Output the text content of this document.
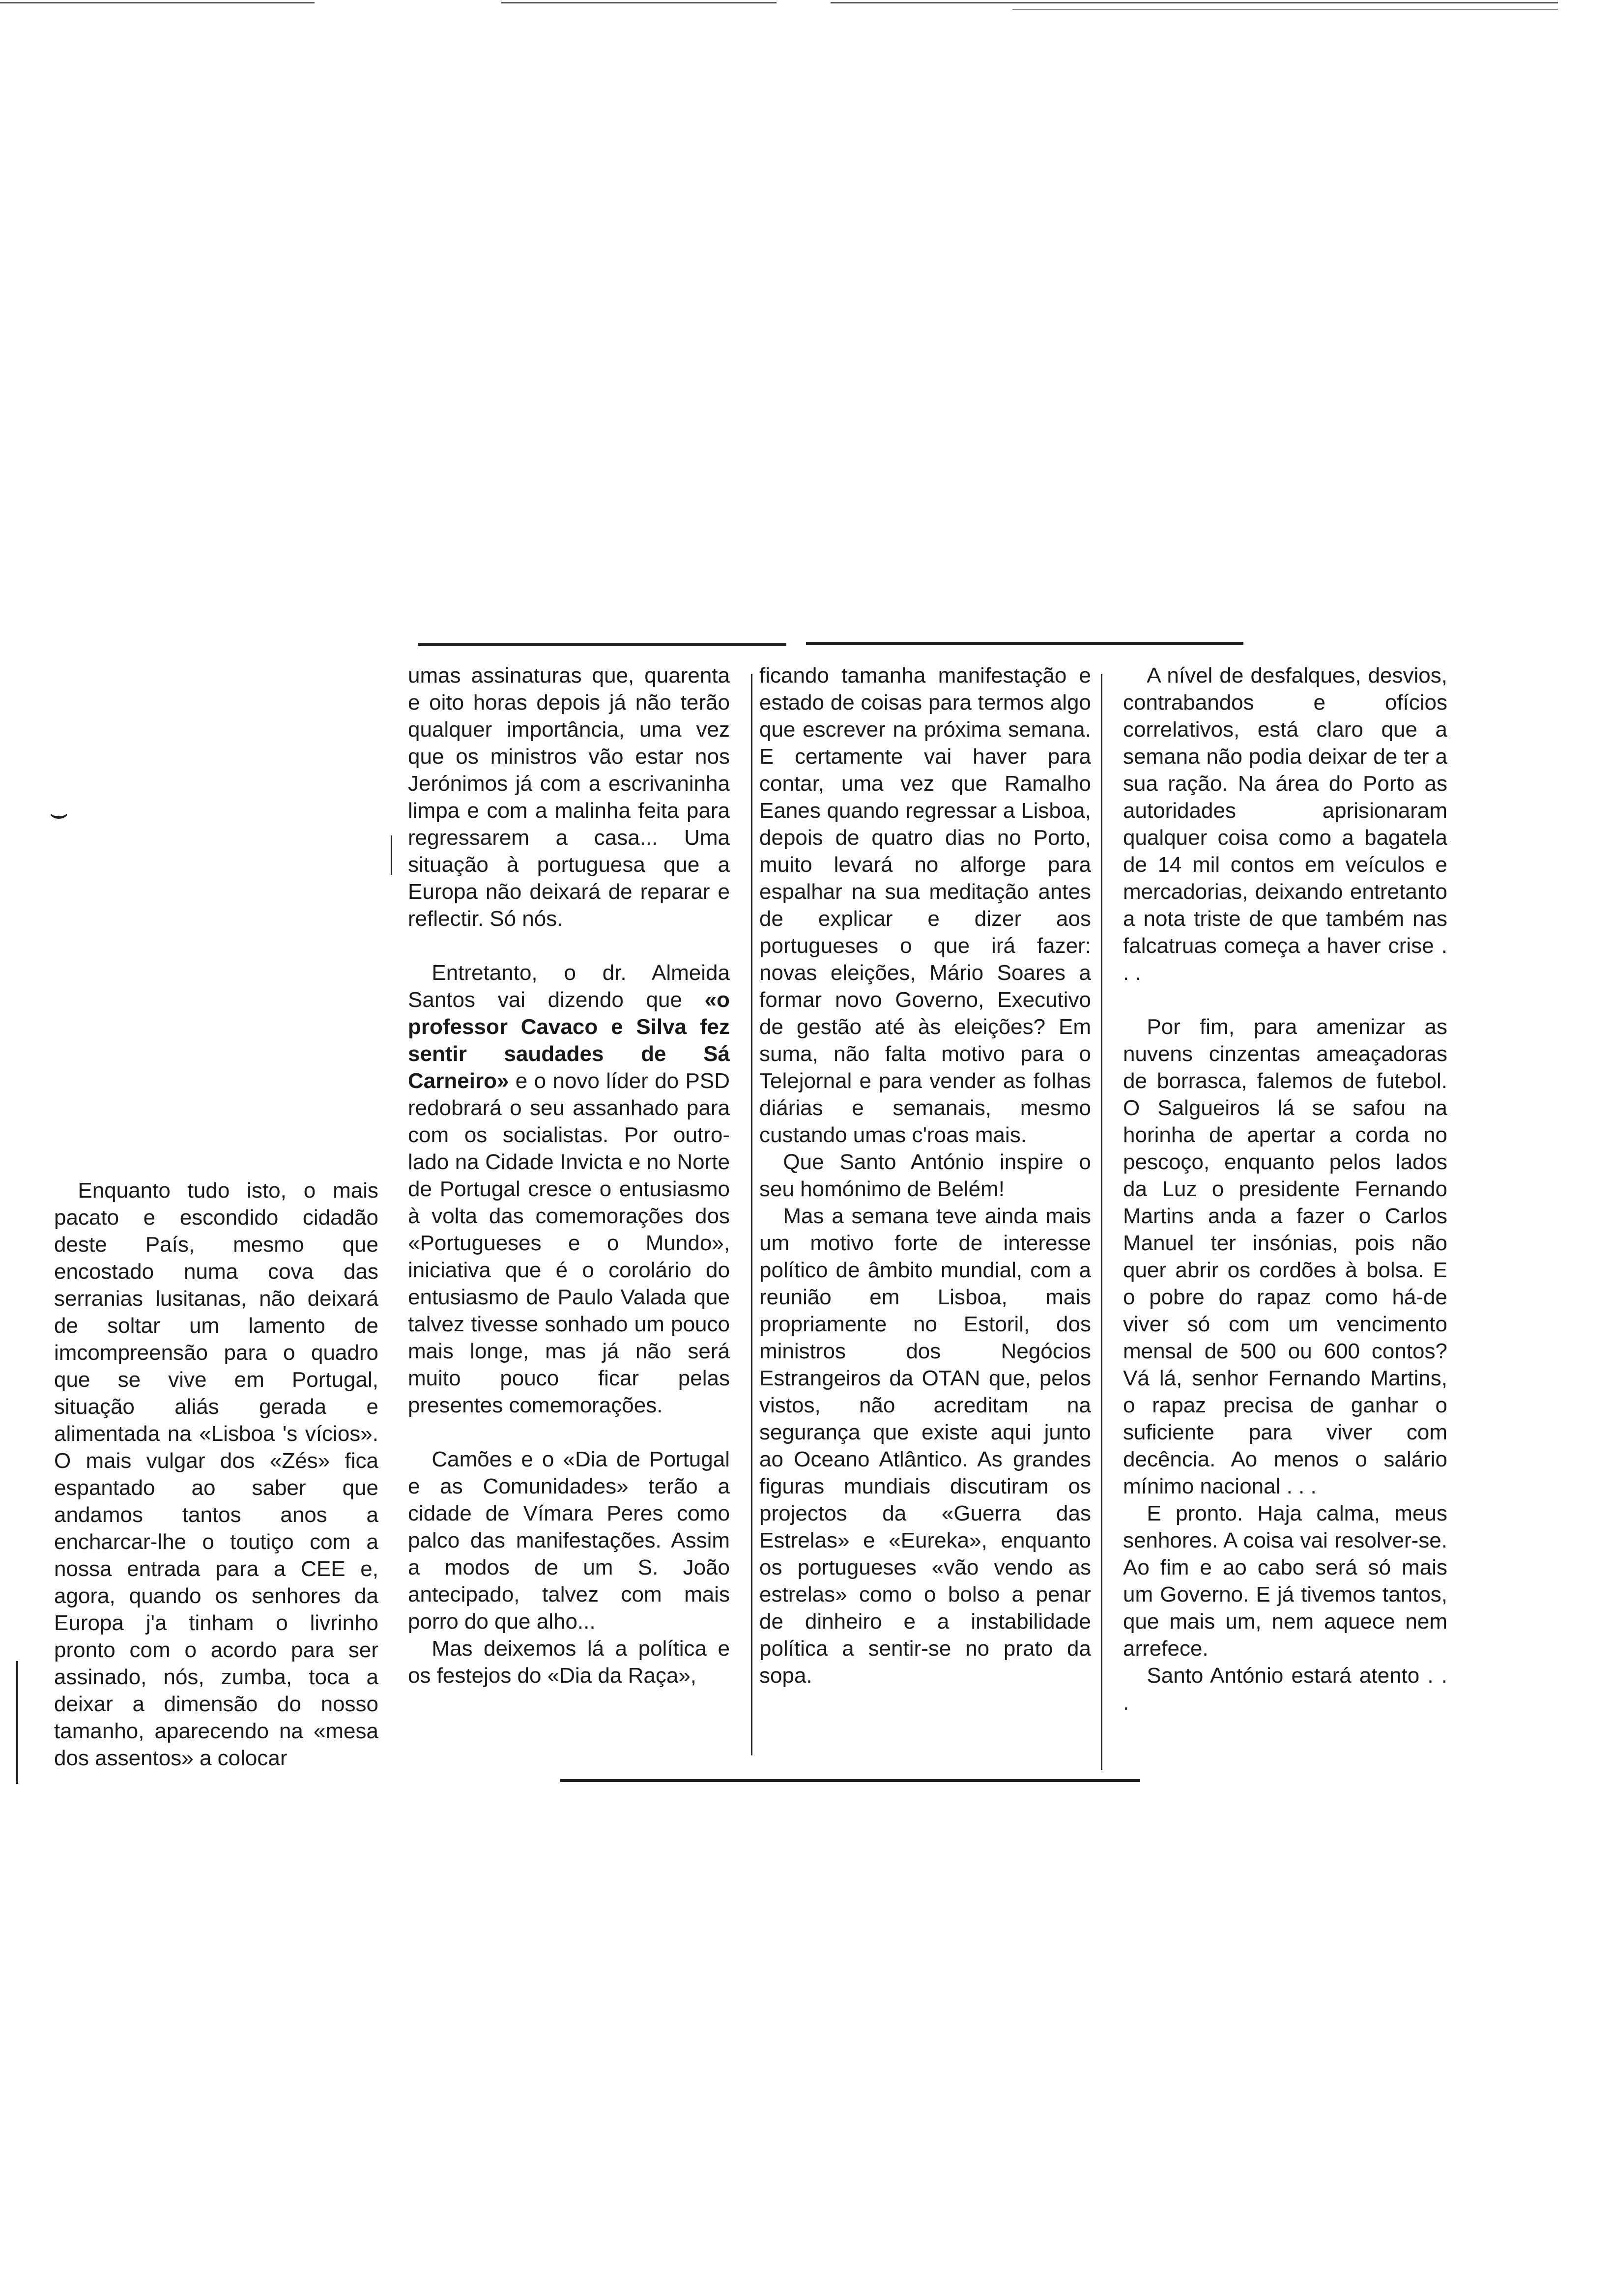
⌣

Enquanto tudo isto, o mais pacato e escondido cidadão deste País, mesmo que encostado numa cova das serranias lusitanas, não deixará de soltar um lamento de imcompreensão para o quadro que se vive em Portugal, situação aliás gerada e alimentada na «Lisboa 's vícios». O mais vulgar dos «Zés» fica espantado ao saber que andamos tantos anos a encharcar-lhe o toutiço com a nossa entrada para a CEE e, agora, quando os senhores da Europa j'a tinham o livrinho pronto com o acordo para ser assinado, nós, zumba, toca a deixar a dimensão do nosso tamanho, aparecendo na «mesa dos assentos» a colocar

umas assinaturas que, quarenta e oito horas depois já não terão qualquer importância, uma vez que os ministros vão estar nos Jerónimos já com a escrivaninha limpa e com a malinha feita para regressarem a casa... Uma situação à portuguesa que a Europa não deixará de reparar e reflectir. Só nós.

Entretanto, o dr. Almeida Santos vai dizendo que «o professor Cavaco e Silva fez sentir saudades de Sá Carneiro» e o novo líder do PSD redobrará o seu assanhado para com os socialistas. Por outro-lado na Cidade Invicta e no Norte de Portugal cresce o entusiasmo à volta das comemorações dos «Portugueses e o Mundo», iniciativa que é o corolário do entusiasmo de Paulo Valada que talvez tivesse sonhado um pouco mais longe, mas já não será muito pouco ficar pelas presentes comemorações.

Camões e o «Dia de Portugal e as Comunidades» terão a cidade de Vímara Peres como palco das manifestações. Assim a modos de um S. João antecipado, talvez com mais porro do que alho...

Mas deixemos lá a política e os festejos do «Dia da Raça»,

ficando tamanha manifestação e estado de coisas para termos algo que escrever na próxima semana. E certamente vai haver para contar, uma vez que Ramalho Eanes quando regressar a Lisboa, depois de quatro dias no Porto, muito levará no alforge para espalhar na sua meditação antes de explicar e dizer aos portugueses o que irá fazer: novas eleições, Mário Soares a formar novo Governo, Executivo de gestão até às eleições? Em suma, não falta motivo para o Telejornal e para vender as folhas diárias e semanais, mesmo custando umas c'roas mais.

Que Santo António inspire o seu homónimo de Belém!

Mas a semana teve ainda mais um motivo forte de interesse político de âmbito mundial, com a reunião em Lisboa, mais propriamente no Estoril, dos ministros dos Negócios Estrangeiros da OTAN que, pelos vistos, não acreditam na segurança que existe aqui junto ao Oceano Atlântico. As grandes figuras mundiais discutiram os projectos da «Guerra das Estrelas» e «Eureka», enquanto os portugueses «vão vendo as estrelas» como o bolso a penar de dinheiro e a instabilidade política a sentir-se no prato da sopa.

A nível de desfalques, desvios, contrabandos e ofícios correlativos, está claro que a semana não podia deixar de ter a sua ração. Na área do Porto as autoridades aprisionaram qualquer coisa como a bagatela de 14 mil contos em veículos e mercadorias, deixando entretanto a nota triste de que também nas falcatruas começa a haver crise . . .

Por fim, para amenizar as nuvens cinzentas ameaçadoras de borrasca, falemos de futebol. O Salgueiros lá se safou na horinha de apertar a corda no pescoço, enquanto pelos lados da Luz o presidente Fernando Martins anda a fazer o Carlos Manuel ter insónias, pois não quer abrir os cordões à bolsa. E o pobre do rapaz como há-de viver só com um vencimento mensal de 500 ou 600 contos? Vá lá, senhor Fernando Martins, o rapaz precisa de ganhar o suficiente para viver com decência. Ao menos o salário mínimo nacional . . .

E pronto. Haja calma, meus senhores. A coisa vai resolver-se. Ao fim e ao cabo será só mais um Governo. E já tivemos tantos, que mais um, nem aquece nem arrefece.

Santo António estará atento . . .
